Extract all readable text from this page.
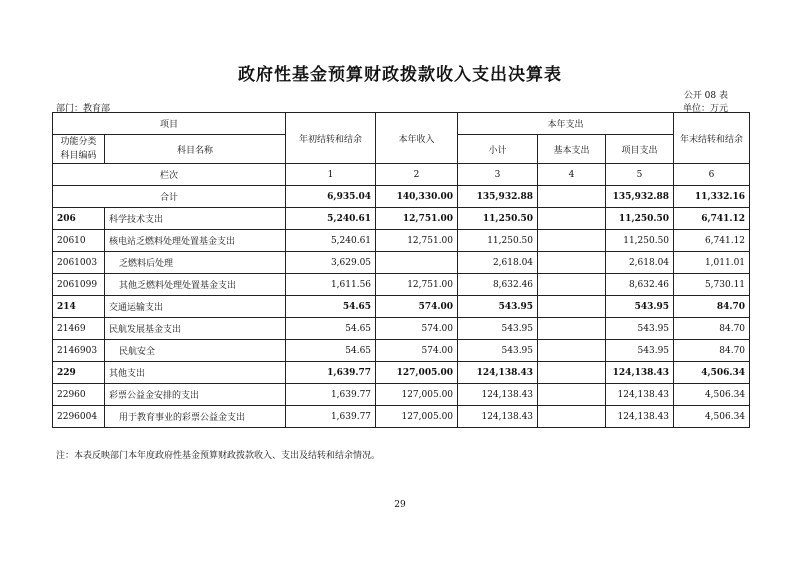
政府性基金预算财政拨款收入支出决算表
公开 08 表
部门：教育部	单位：万元
项目		年初结转和结余	本年收入	本年支出			年末结转和结余
功能分类
科目编码	科目名称			小计	基本支出	项目支出	
栏次		1	2	3	4	5	6
合计		6,935.04	140,330.00	135,932.88		135,932.88	11,332.16
206	科学技术支出	5,240.61	12,751.00	11,250.50		11,250.50	6,741.12
20610	核电站乏燃料处理处置基金支出	5,240.61	12,751.00	11,250.50		11,250.50	6,741.12
2061003	乏燃料后处理	3,629.05		2,618.04		2,618.04	1,011.01
2061099	其他乏燃料处理处置基金支出	1,611.56	12,751.00	8,632.46		8,632.46	5,730.11
214	交通运输支出	54.65	574.00	543.95		543.95	84.70
21469	民航发展基金支出	54.65	574.00	543.95		543.95	84.70
2146903	民航安全	54.65	574.00	543.95		543.95	84.70
229	其他支出	1,639.77	127,005.00	124,138.43		124,138.43	4,506.34
22960	彩票公益金安排的支出	1,639.77	127,005.00	124,138.43		124,138.43	4,506.34
2296004	用于教育事业的彩票公益金支出	1,639.77	127,005.00	124,138.43		124,138.43	4,506.34
注：本表反映部门本年度政府性基金预算财政拨款收入、支出及结转和结余情况。
29
